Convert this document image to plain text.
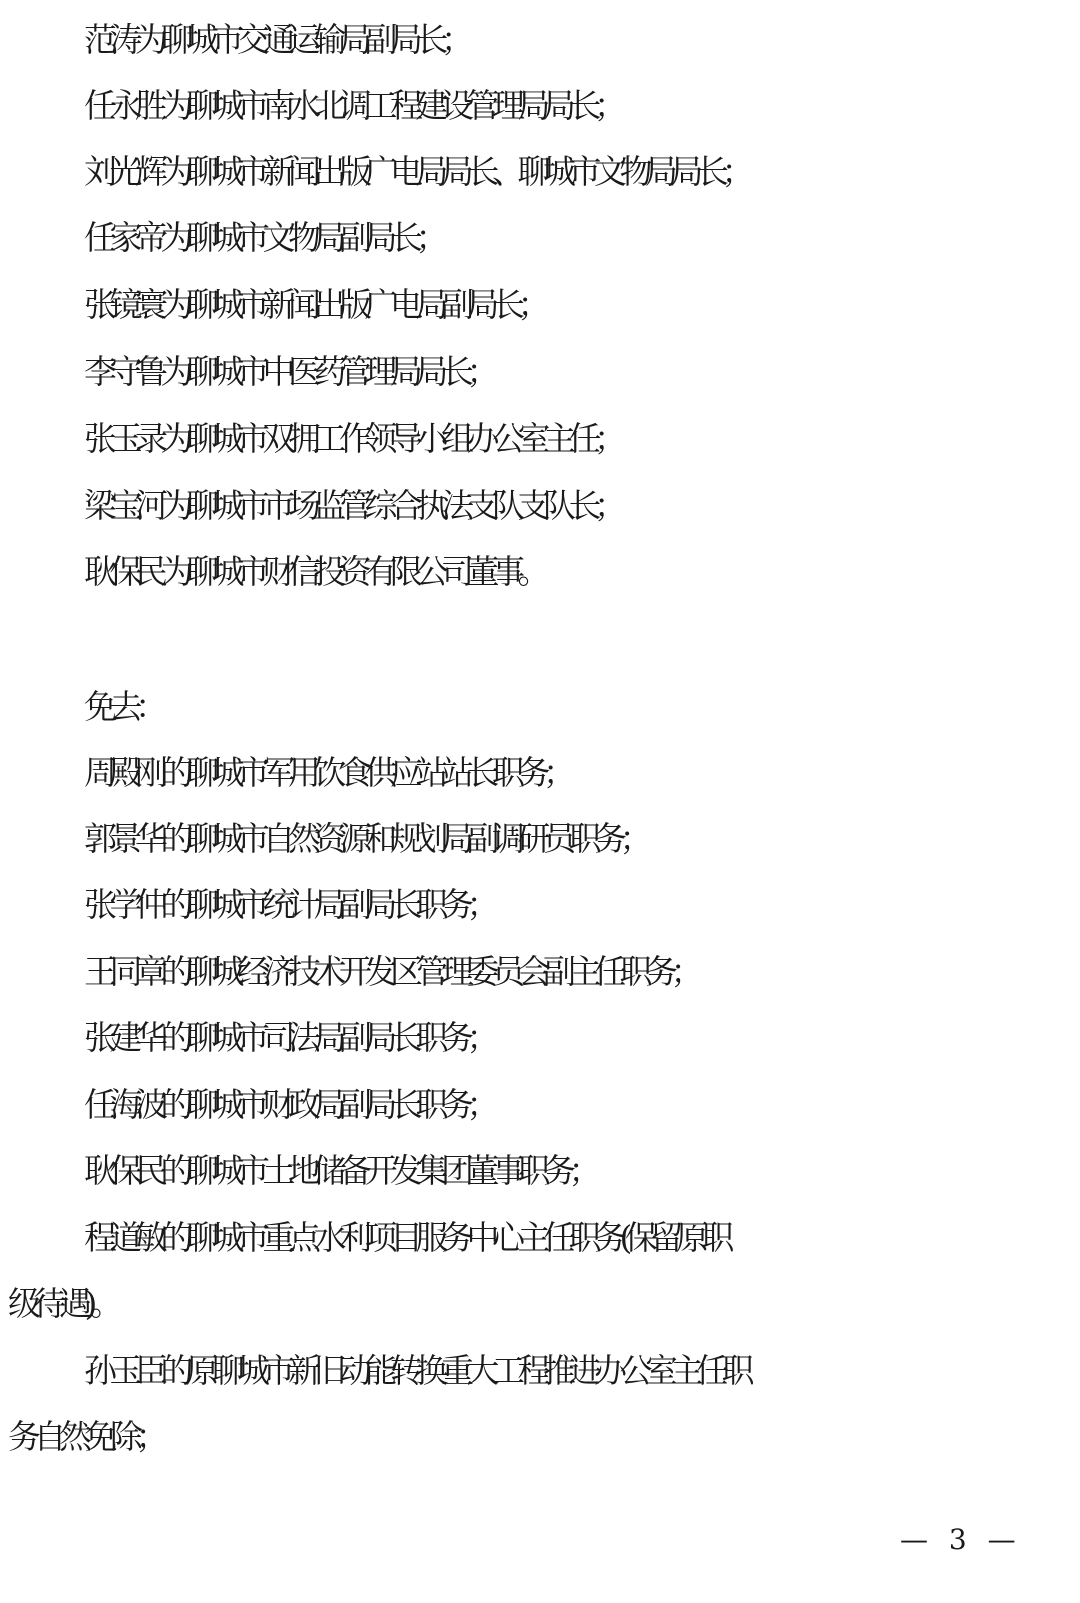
范涛为聊城市交通运输局副局长；
任永胜为聊城市南水北调工程建设管理局局长；
刘光辉为聊城市新闻出版广电局局长、聊城市文物局局长；
任家帝为聊城市文物局副局长；
张镜寰为聊城市新闻出版广电局副局长；
李守鲁为聊城市中医药管理局局长；
张玉录为聊城市双拥工作领导小组办公室主任；
梁宝河为聊城市市场监管综合执法支队支队长；
耿保民为聊城市财信投资有限公司董事。
免去：
周殿刚的聊城市军用饮食供应站站长职务；
郭景华的聊城市自然资源和规划局副调研员职务；
张学仲的聊城市统计局副局长职务；
王同章的聊城经济技术开发区管理委员会副主任职务；
张建华的聊城市司法局副局长职务；
任海波的聊城市财政局副局长职务；
耿保民的聊城市土地储备开发集团董事职务；
程道敏的聊城市重点水利项目服务中心主任职务(保留原职
级待遇)。
孙玉臣的原聊城市新旧动能转换重大工程推进办公室主任职
务自然免除；
— 3 —
